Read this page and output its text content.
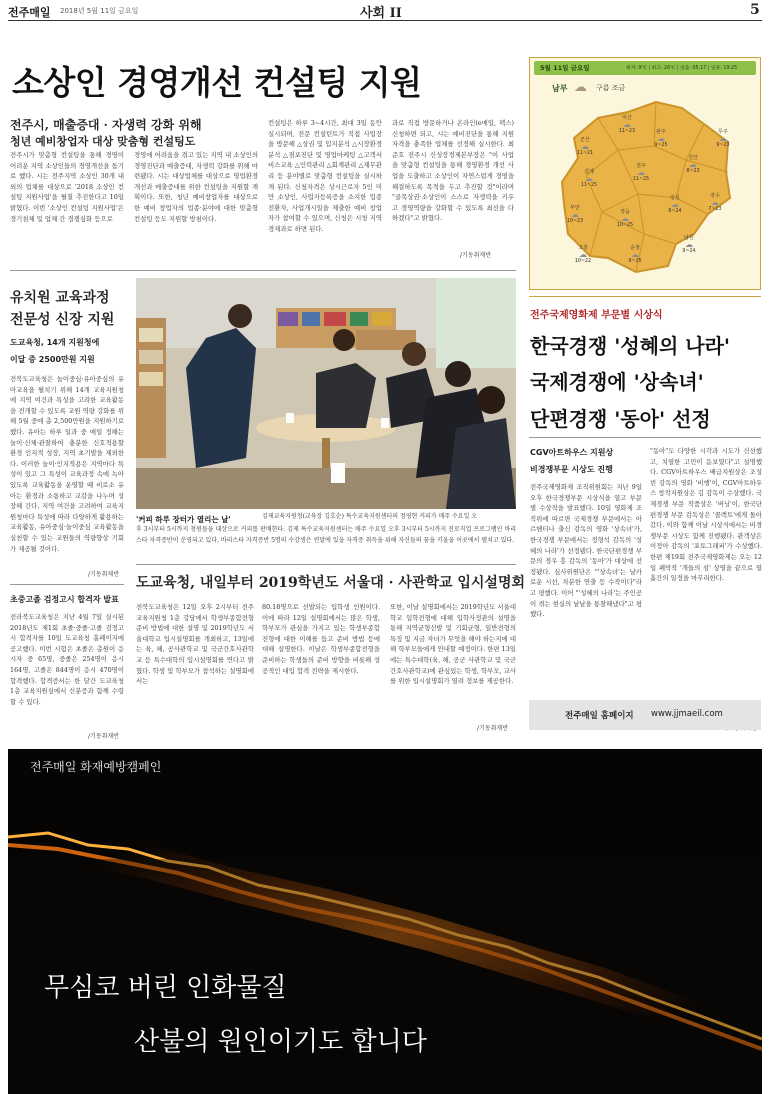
전주매일 2018년 5월 11일 금요일	사회 II	5
소상인 경영개선 컨설팅 지원
전주시, 매출증대 · 자생력 강화 위해
청년 예비창업자 대상 맞춤형 컨설팅도
전주시가 맞춤형 컨설팅을 통해 경영이 어려운 지역 소상인들의 경영개선을 돕기로 했다. 시는 전주지역 소상인 30개 내외의 업체를 대상으로 '2018 소상인 컨설팅 지원사업'을 펼칠 추진한다고 10일 밝혔다. 이번 '소상인 컨설팅 지원사업'은 경기침체 및 업체 간 경쟁심화 등으로
경영에 어려움을 겪고 있는 지역 내 소상인의 경영진단과 매출증대, 자생력 강화를 위해 마련됐다. 시는 대상업체를 대상으로 영업환경 개선과 매출증대를 위한 컨설팅을 지원할 계획이다. 또한, 청년 예비창업자를 대상으로 한 예비 창업자의 업종·분야에 대한 맞춤형 컨설팅 등도 지원할 방침이다.
컨설팅은 하루 3~4시간, 최대 3일 동안 실시되며, 전문 컨설턴트가 직접 사업장을 방문해 △상권 및 입지분석 △시장환경분석 △점포진단 및 영업마케팅 △고객서비스교육 △인력관리 △회계관리 △재무관리 등 분야별로 맞춤형 컨설팅을 실시하게 된다. 신청자격은 상시근로자 5인 미만 소상인, 사업자등록증을 소지한 업종 전환자, 사업개시일을 제출한 예비 창업자가 참여할 수 있으며, 신청은 시청 지역경제과로 하면 된다.
과로 직접 방문하거나 온라인(e메일, 팩스) 신청하면 되고, 시는 예비진단을 통해 지원자격을 충족한 업체를 선정해 실시한다. 최준호 전주시 신성장경제본부장은 "이 사업을 맞춤형 컨설팅을 통해 경영환경 개선 사업을 도출하고 소상인이 자연스럽게 경영을 해결하도록 목적을 두고 추진할 것"이라며 "골목상권·소상인이 스스로 자생력을 키우고 경영역량을 강화할 수 있도록 최선을 다하겠다"고 밝혔다.
/기동취재반
5월 11일 금요일	최저: 9℃ | 최고: 26℃ | 일출: 05:17 | 일몰: 19:25
남부 ☁ 구름 조금
군산
☁
11~21
익산
☁
11~23	완주
☁
9~25
김제
☁
11~25
전주
☁
11~25
진안
☁
8~23
무주
☁
9~23
부안
☁
10~23
정읍
☁
10~25
임실
☁
8~24
장수
☁
7~23
고창
☁
10~22
순창
☁
9~25
남원
☁
9~24
전주국제영화제 부문별 시상식
한국경쟁 '성혜의 나라'
국제경쟁에 '상속녀'
단편경쟁 '동아' 선정
CGV아트하우스 지원상
비경쟁부문 시상도 진행
전주국제영화제 조직위원회는 지난 9일 오후 한국경쟁부문 시상식을 열고 부문별 수상작을 발표했다. 10일 영화제 조직위에 따르면 국제경쟁 부문에서는 아르헨티나 출신 감독의 영화 '상속녀'가, 한국경쟁 부문에서는 정형석 감독의 '성혜의 나라'가 선정됐다. 한국단편경쟁 부문의 경우 흥 감독의 '동아'가 대상에 선정됐다. 심사위원단은 "'상속녀'는 날카로운 시선, 차분한 연출 등 수작이다"라고 평했다. 이어 "'성혜의 나라'는 주인공이 겪는 현실의 낱낱을 통찰해냈다"고 평했다.
"동아"도 다양한 시각과 시도가 신선했고, 치열한 고민이 돋보였다"고 설명했다. CGV아트하우스 배급지원상은 조성빈 감독의 영화 '비행'이, CGV아트하우스 창작지원상은 김 감독이 수상했다. 국제경쟁 부문 작품상은 '버닝'이, 한국단편경쟁 부문 감독상은 '콜렉트'에게 돌아갔다. 이와 함께 이날 시상식에서는 비경쟁부문 시상도 함께 진행됐다. 관객상은 이정아 감독의 '포토그래퍼'가 수상했다. 한편 제19회 전주국제영화제는 오는 12일 폐막작 '개들의 섬' 상영을 끝으로 열흘간의 일정을 마무리한다.
전주매일 홈페이지 www.jjmaeil.com
유치원 교육과정
전문성 신장 지원
도교육청, 14개 지원청에
이달 중 2500만원 지원
전북도교육청은 놀이중심·유아중심의 유아교육을 펼치기 위해 14개 교육지원청에 지역 여건과 특성을 고려한 교육활동을 전개할 수 있도록 교원 역량 강화를 위해 5월 중에 총 2,500만원을 지원하기로 했다. 유아는 하루 일과 중 매일 정해는 놀이·신체·관찰하여 충분한 신호적용할 환경 인지적 성장, 지역 초기발을 제외한다. 이러한 놀이·인지적용은 지역마다 특성이 있고 그 특성이 교육과정 속에 녹아있도록 교육활동을 운영할 때 비로소 유아는 환경과 소통하고 교감을 나누며 성장해 간다. 지역 여건을 고려하여 교육지원청마다 특성에 따라 다양하게 활용하는 교육활동, 유아중심·놀이중심 교육활동을 실천할 수 있는 교원들의 역량향상 기회가 제공될 것이다.
/기동취재반
'커피 하루 장터가 열리는 날'	김제교육지원청(교육장 김호순) 특수교육지원센터의 정영현 커피가 매주 수요일 오
후 3시부터 5시까지 청원들을 대상으로 커피를 판매한다. 김제 특수교육지원센터는 매주 수요일 오후 3시부터 5시까지 진로직업 프로그램인 바리스타 자격증반이 운영되고 있다. 바리스타 자격증반 5명의 수강생은 연말에 있을 자격증 취득을 위해 자신들의 꿈을 키울을 이곳에서 펼치고 있다.
초중고졸 검정고시 합격자 발표
전라북도교육청은 지난 4월 7일 실시된 2018년도 제1회 초졸·중졸·고졸 검정고시 합격자를 10일 도교육청 홈페이지에 공고했다. 이번 시험은 초졸은 총원이 응시자 중 65명, 중졸은 254명이 응시 164명, 고졸은 844명이 응시 470명이 합격했다. 합격증서는 한 달간 도교육청 1층 교육지원실에서 신분증과 함께 수령할 수 있다.
/기동취재반
도교육청, 내일부터 2019학년도 서울대 · 사관학교 입시설명회
전북도교육청은 12일 오후 2시부터 전주교육지원청 1층 강당에서 학생부종합전형 준비 방법에 대한 설명 및 2019학년도 서울대학교 입시설명회를 개최하고, 13일에는 육, 해, 공사관학교 및 국군간호사관학교 등 특수대학의 입시설명회를 연다고 밝혔다. 학생 및 학부모가 참석하는 설명회에서는
80.18명으로 선발되는 입학생 인원이다. 이에 따라 12일 설명회에서는 많은 학생, 학부모가 관심을 가지고 있는 학생부종합전형에 대한 이해를 돕고 준비 방법 등에 대해 설명한다. 이날은 학생부종합전형을 준비하는 학생들의 준비 방향을 비롯해 성공적인 대입 합격 전략을 제시한다.
또한, 이날 설명회에서는 2019학년도 서울대학교 입학전형에 대해 입학사정관의 설명을 통해 지역균형선발 및 기회균형, 일반전형의 특징 및 지금 자녀가 무엇을 해야 하는지에 대해 학부모들에게 안내할 예정이다. 한편 13일에는 특수대학(육, 해, 공군 사관학교 및 국군 간호사관학교)에 관심있는 학생, 학부모, 교사를 위한 입시설명회가 열려 정보를 제공한다.
/기동취재반
전주매일 화재예방캠페인
무심코 버린 인화물질
산불의 원인이기도 합니다
